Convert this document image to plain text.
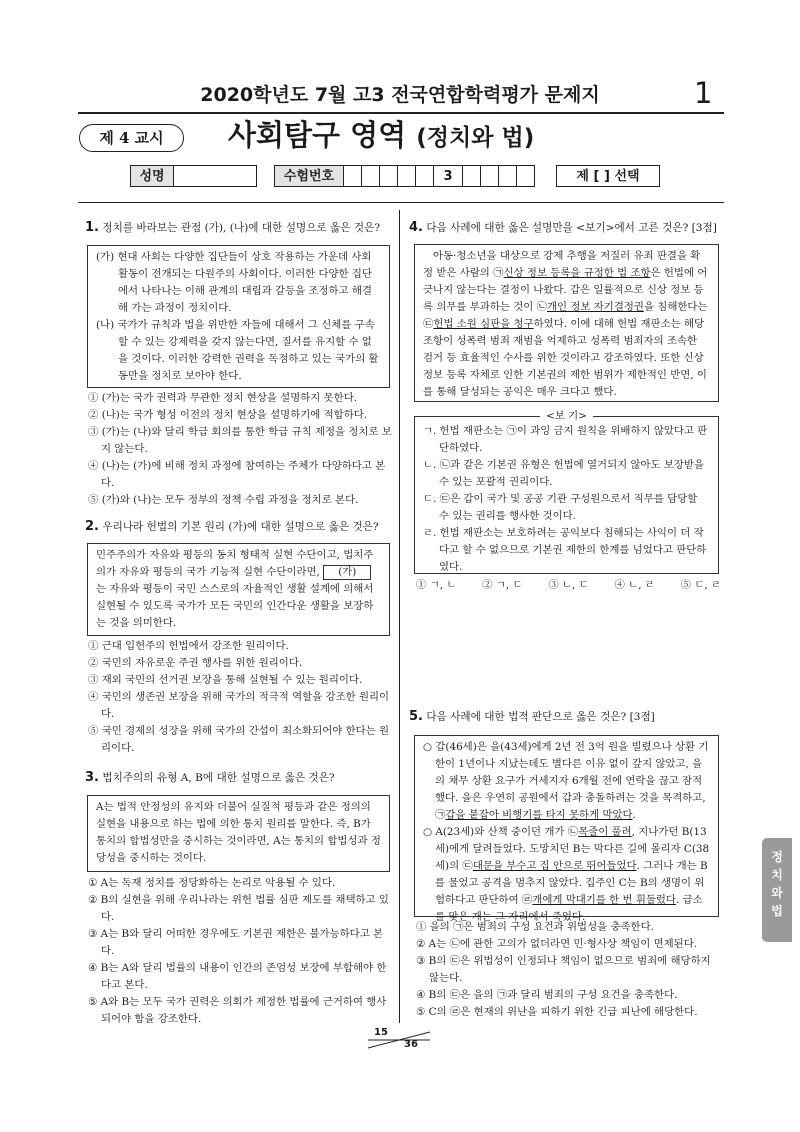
2020학년도 7월 고3 전국연합학력평가 문제지	1
제 4 교시	사회탐구 영역 (정치와 법)
성명	수험번호	3	제 [ ] 선택
1. 정치를 바라보는 관점 (가), (나)에 대한 설명으로 옳은 것은?

(가) 현대 사회는 다양한 집단들이 상호 작용하는 가운데 사회 활동이 전개되는 다원주의 사회이다. 이러한 다양한 집단에서 나타나는 이해 관계의 대립과 갈등을 조정하고 해결해 가는 과정이 정치이다.

(나) 국가가 규칙과 법을 위반한 자들에 대해서 그 신체를 구속할 수 있는 강제력을 갖지 않는다면, 질서를 유지할 수 없을 것이다. 이러한 강력한 권력을 독점하고 있는 국가의 활동만을 정치로 보아야 한다.

① (가)는 국가 권력과 무관한 정치 현상을 설명하지 못한다.
② (나)는 국가 형성 이전의 정치 현상을 설명하기에 적합하다.
③ (가)는 (나)와 달리 학급 회의를 통한 학급 규칙 제정을 정치로 보지 않는다.
④ (나)는 (가)에 비해 정치 과정에 참여하는 주체가 다양하다고 본다.
⑤ (가)와 (나)는 모두 정부의 정책 수립 과정을 정치로 본다.
2. 우리나라 헌법의 기본 원리 (가)에 대한 설명으로 옳은 것은?

민주주의가 자유와 평등의 동치 형태적 실현 수단이고, 법치주의가 자유와 평등의 국가 기능적 실현 수단이라면, (가)는 자유와 평등이 국민 스스로의 자율적인 생활 설계에 의해서 실현될 수 있도록 국가가 모든 국민의 인간다운 생활을 보장하는 것을 의미한다.

① 근대 입헌주의 헌법에서 강조한 원리이다.
② 국민의 자유로운 주권 행사를 위한 원리이다.
③ 재외 국민의 선거권 보장을 통해 실현될 수 있는 원리이다.
④ 국민의 생존권 보장을 위해 국가의 적극적 역할을 강조한 원리이다.
⑤ 국민 경제의 성장을 위해 국가의 간섭이 최소화되어야 한다는 원리이다.
3. 법치주의의 유형 A, B에 대한 설명으로 옳은 것은?

A는 법적 안정성의 유지와 더불어 실질적 평등과 같은 정의의 실현을 내용으로 하는 법에 의한 통치 원리를 말한다. 즉, B가 통치의 합법성만을 중시하는 것이라면, A는 통치의 합법성과 정당성을 중시하는 것이다.

① A는 독재 정치를 정당화하는 논리로 악용될 수 있다.
② B의 실현을 위해 우리나라는 위헌 법률 심판 제도를 채택하고 있다.
③ A는 B와 달리 어떠한 경우에도 기본권 제한은 불가능하다고 본다.
④ B는 A와 달리 법률의 내용이 인간의 존엄성 보장에 부합해야 한다고 본다.
⑤ A와 B는 모두 국가 권력은 의회가 제정한 법률에 근거하여 행사되어야 함을 강조한다.
4. 다음 사례에 대한 옳은 설명만을 <보기>에서 고른 것은? [3점]

아동·청소년을 대상으로 강제 추행을 저질러 유죄 판결을 확정 받은 사람의 ㉠신상 정보 등록을 규정한 법 조항은 헌법에 어긋나지 않는다는 결정이 나왔다. 갑은 일률적으로 신상 정보 등록 의무를 부과하는 것이 ㉡개인 정보 자기결정권을 침해한다는 ㉢헌법 소원 심판을 청구하였다. 이에 대해 헌법 재판소는 해당 조항이 성폭력 범죄 재범을 억제하고 성폭력 범죄자의 조속한 검거 등 효율적인 수사를 위한 것이라고 강조하였다. 또한 신상 정보 등록 자체로 인한 기본권의 제한 범위가 제한적인 반면, 이를 통해 달성되는 공익은 매우 크다고 했다.

<보 기>

ㄱ. 헌법 재판소는 ㉠이 과잉 금지 원칙을 위배하지 않았다고 판단하였다.

ㄴ. ㉡과 같은 기본권 유형은 헌법에 열거되지 않아도 보장받을 수 있는 포괄적 권리이다.

ㄷ. ㉢은 갑이 국가 및 공공 기관 구성원으로서 직무를 담당할 수 있는 권리를 행사한 것이다.

ㄹ. 헌법 재판소는 보호하려는 공익보다 침해되는 사익이 더 작다고 할 수 없으므로 기본권 제한의 한계를 넘었다고 판단하였다.

① ㄱ, ㄴ ② ㄱ, ㄷ ③ ㄴ, ㄷ ④ ㄴ, ㄹ ⑤ ㄷ, ㄹ
5. 다음 사례에 대한 법적 판단으로 옳은 것은? [3점]

○ 갑(46세)은 을(43세)에게 2년 전 3억 원을 빌렸으나 상환 기한이 1년이나 지났는데도 별다른 이유 없이 갚지 않았고, 을의 채무 상환 요구가 거세지자 6개월 전에 연락을 끊고 잠적했다. 을은 우연히 공원에서 갑과 충돌하려는 것을 목격하고, ㉠갑을 붙잡아 비행기를 타지 못하게 막았다.

○ A(23세)와 산책 중이던 개가 ㉡목줄이 풀려, 지나가던 B(13세)에게 달려들었다. 도망치던 B는 막다른 길에 몰리자 C(38세)의 ㉢대문을 부수고 집 안으로 뛰어들었다. 그러나 개는 B를 물었고 공격을 멈추지 않았다. 집주인 C는 B의 생명이 위험하다고 판단하여 ㉣개에게 막대기를 한 번 휘둘렀다. 급소를 맞은 개는 그 자리에서 죽었다.

① 을의 ㉠은 범죄의 구성 요건과 위법성을 충족한다.
② A는 ㉡에 관한 고의가 없더라면 민·형사상 책임이 면제된다.
③ B의 ㉢은 위법성이 인정되나 책임이 없으므로 범죄에 해당하지 않는다.
④ B의 ㉢은 을의 ㉠과 달리 범죄의 구성 요건을 충족한다.
⑤ C의 ㉣은 현재의 위난을 피하기 위한 긴급 피난에 해당한다.
정치와 법
15
36
